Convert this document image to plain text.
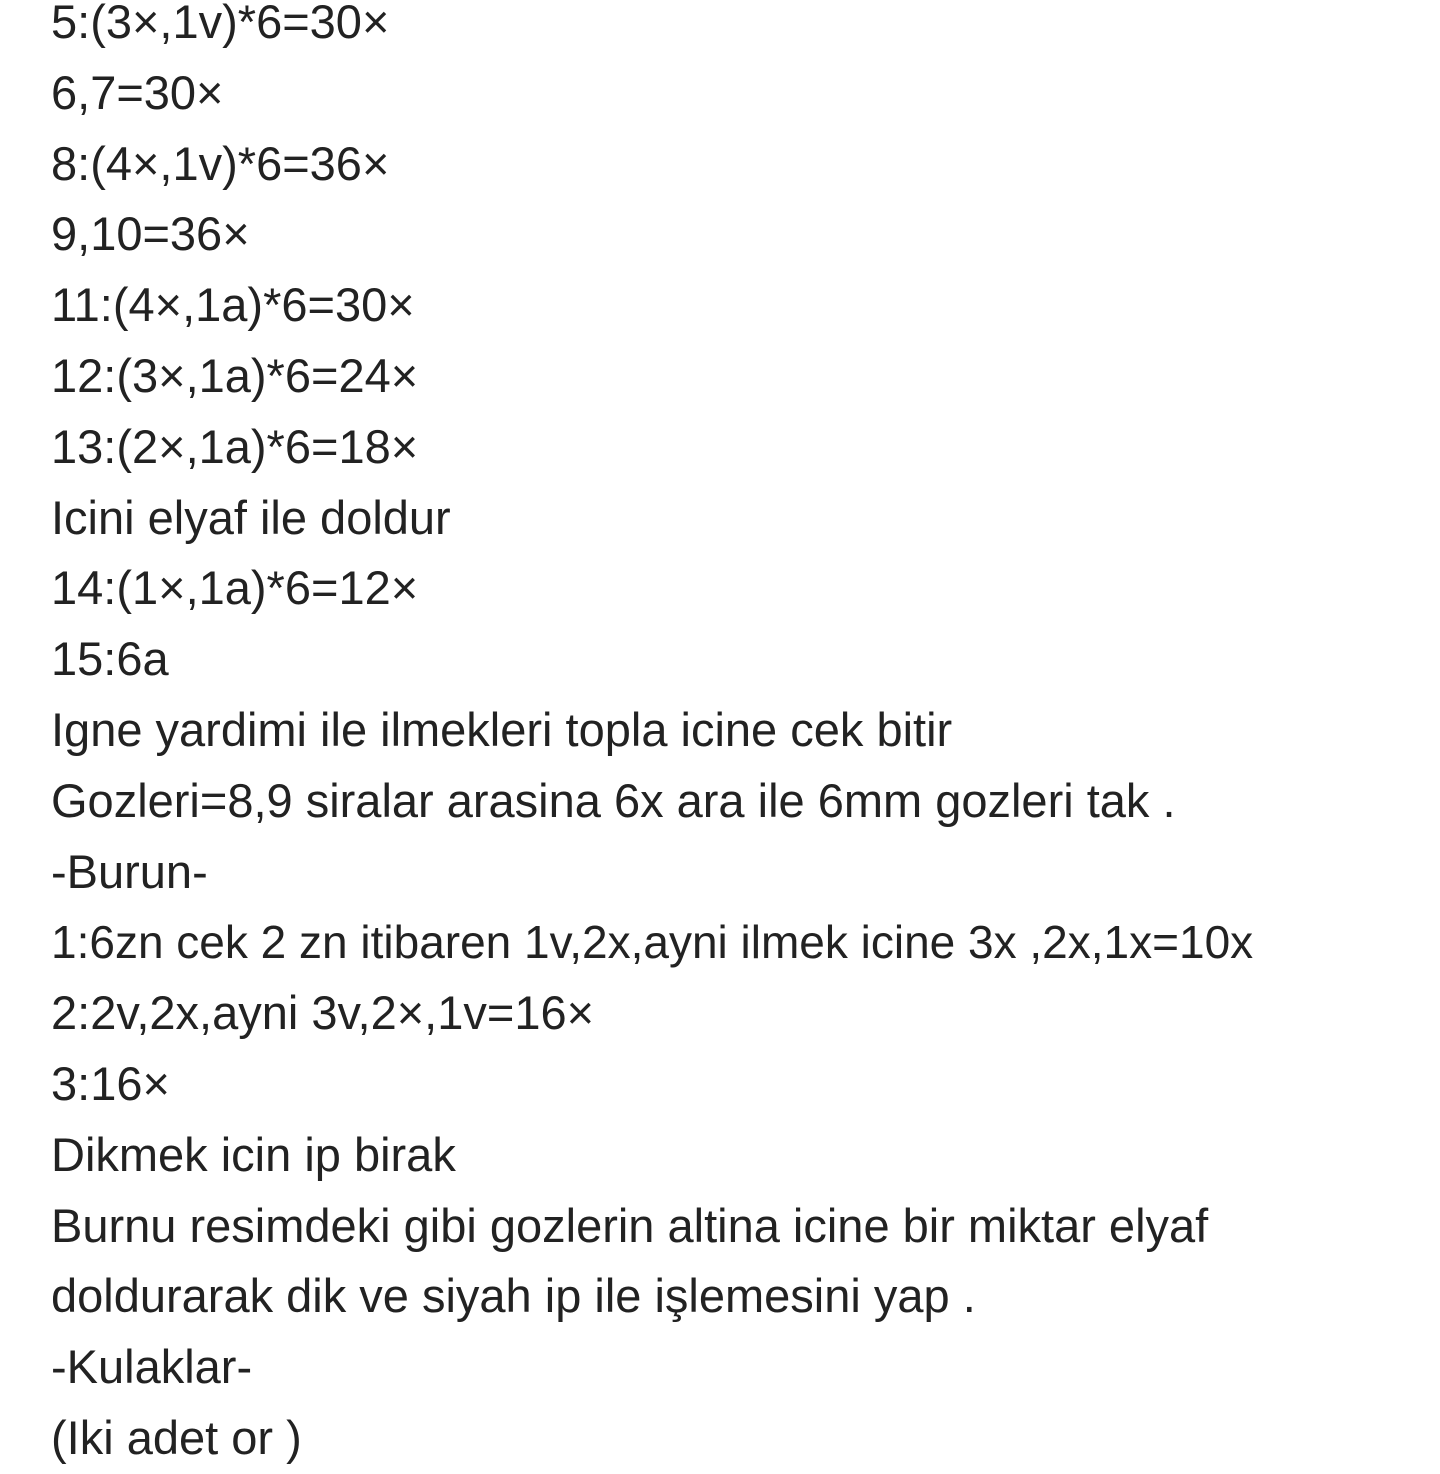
5:(3×,1v)*6=30×
6,7=30×
8:(4×,1v)*6=36×
9,10=36×
11:(4×,1a)*6=30×
12:(3×,1a)*6=24×
13:(2×,1a)*6=18×
Icini elyaf ile doldur
14:(1×,1a)*6=12×
15:6a
Igne yardimi ile ilmekleri topla icine cek bitir
Gozleri=8,9 siralar arasina 6x ara ile 6mm gozleri tak .
-Burun-
1:6zn cek 2 zn itibaren 1v,2x,ayni ilmek icine 3x ,2x,1x=10x
2:2v,2x,ayni 3v,2×,1v=16×
3:16×
Dikmek icin ip birak
Burnu resimdeki gibi gozlerin altina icine bir miktar elyaf
doldurarak dik ve siyah ip ile işlemesini yap .
-Kulaklar-
(Iki adet or )
